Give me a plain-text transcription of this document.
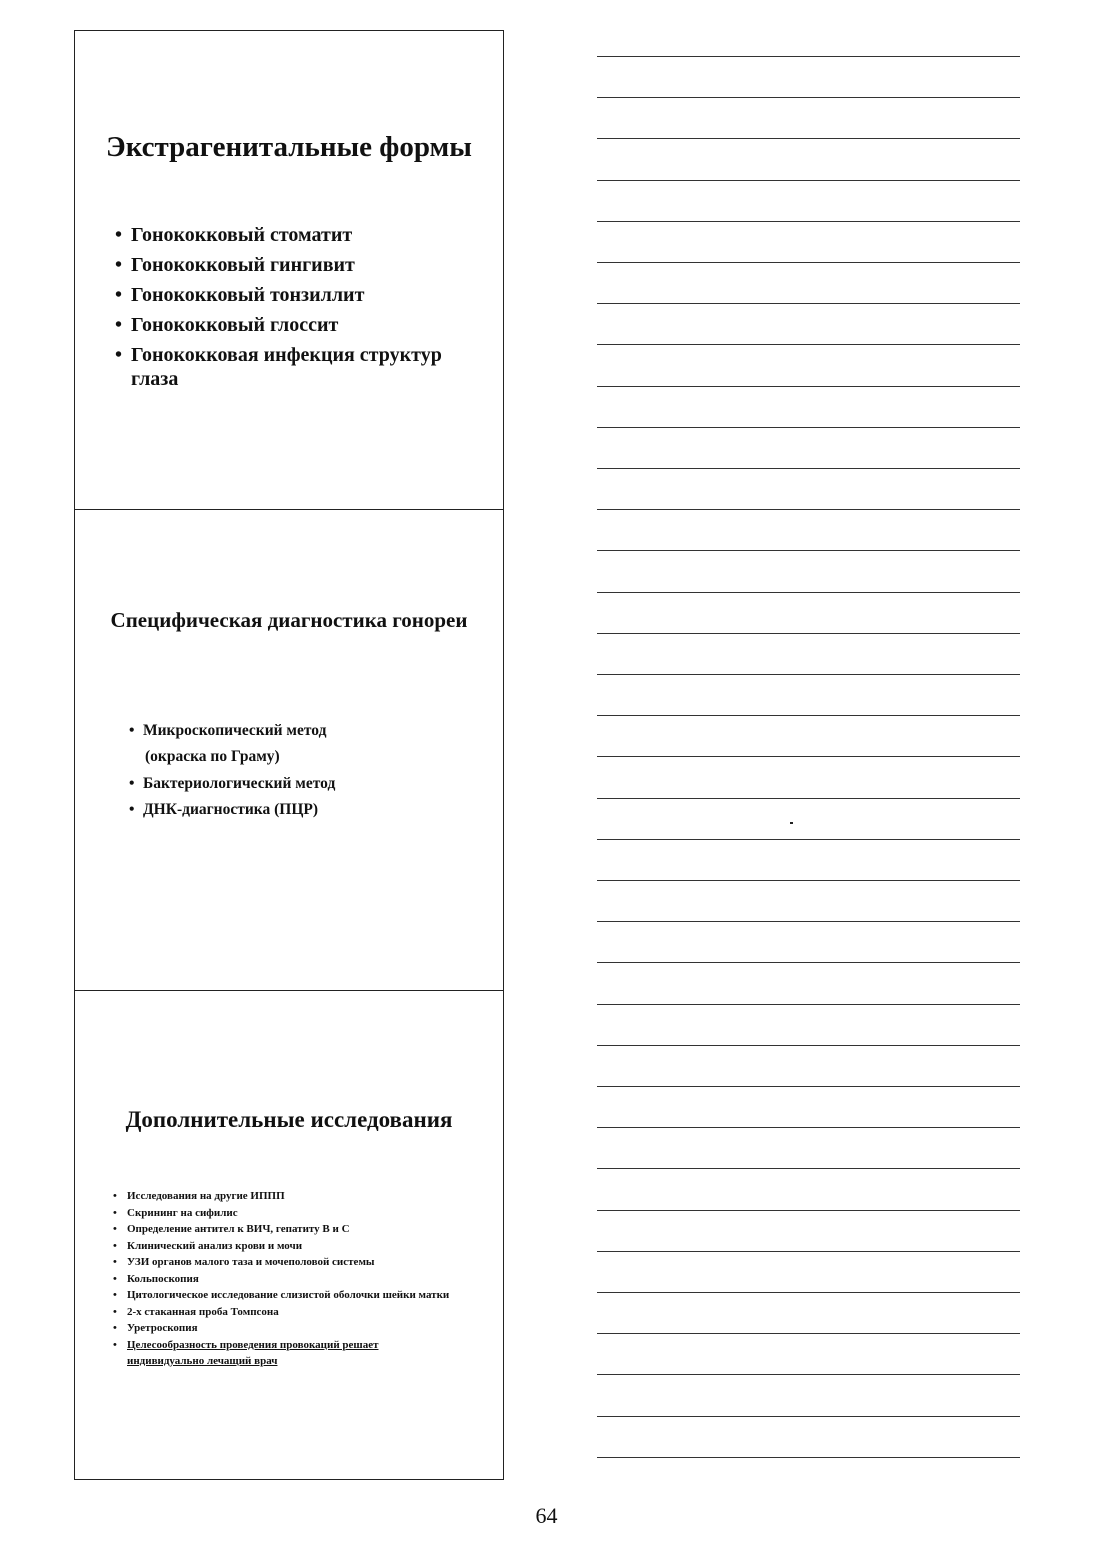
Экстрагенитальные формы
• Гонококковый стоматит
• Гонококковый гингивит
• Гонококковый тонзиллит
• Гонококковый глоссит
• Гонококковая инфекция структур глаза
Специфическая диагностика гонореи
• Микроскопический метод
(окраска по Граму)
• Бактериологический метод
• ДНК-диагностика (ПЦР)
Дополнительные исследования
• Исследования на другие ИППП
• Скрининг на сифилис
• Определение антител к ВИЧ, гепатиту В и С
• Клинический анализ крови и мочи
• УЗИ органов малого таза и мочеполовой системы
• Кольпоскопия
• Цитологическое исследование слизистой оболочки шейки матки
• 2-х стаканная проба Томпсона
• Уретроскопия
• Целесообразность проведения провокаций решает индивидуально лечащий врач
64
